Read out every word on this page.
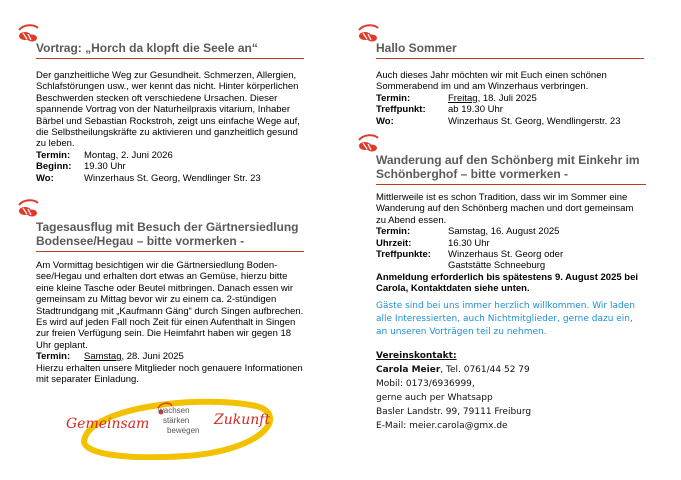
Vortrag: „Horch da klopft die Seele an“
Der ganzheitliche Weg zur Gesundheit. Schmerzen, Allergien, Schlafstörungen usw., wer kennt das nicht. Hinter körperlichen Beschwerden stecken oft verschiedene Ursachen. Dieser spannende Vortrag von der Naturheilpraxis vitarium, Inhaber Bärbel und Sebastian Rockstroh, zeigt uns einfache Wege auf, die Selbstheilungskräfte zu aktivieren und ganzheitlich gesund zu leben.
Termin:	Montag, 2. Juni 2026
Beginn:	19.30 Uhr
Wo:	Winzerhaus St. Georg, Wendlinger Str. 23
Tagesausflug mit Besuch der Gärtnersiedlung
Bodensee/Hegau – bitte vormerken -
Am Vormittag besichtigen wir die Gärtnersiedlung Boden-see/Hegau und erhalten dort etwas an Gemüse, hierzu bitte eine kleine Tasche oder Beutel mitbringen. Danach essen wir gemeinsam zu Mittag bevor wir zu einem ca. 2-stündigen Stadtrundgang mit „Kaufmann Gäng“ durch Singen aufbrechen. Es wird auf jeden Fall noch Zeit für einen Aufenthalt in Singen zur freien Verfügung sein. Die Heimfahrt haben wir gegen 18 Uhr geplant.
Termin:	Samstag, 28. Juni 2025
Hierzu erhalten unsere Mitglieder noch genauere Informationen mit separater Einladung.
Gemeinsam	Zukunft
wachsen
stärken
bewegen
Hallo Sommer
Auch dieses Jahr möchten wir mit Euch einen schönen Sommerabend im und am Winzerhaus verbringen.
Termin:	Freitag, 18. Juli 2025
Treffpunkt:	ab 19.30 Uhr
Wo:	Winzerhaus St. Georg, Wendlingerstr. 23
Wanderung auf den Schönberg mit Einkehr im
Schönberghof – bitte vormerken -
Mittlerweile ist es schon Tradition, dass wir im Sommer eine Wanderung auf den Schönberg machen und dort gemeinsam zu Abend essen.
Termin:	Samstag, 16. August 2025
Uhrzeit:	16.30 Uhr
Treffpunkte:	Winzerhaus St. Georg oder
Gaststätte Schneeburg
Anmeldung erforderlich bis spätestens 9. August 2025 bei Carola, Kontaktdaten siehe unten.
Gäste sind bei uns immer herzlich willkommen. Wir laden alle Interessierten, auch Nichtmitglieder, gerne dazu ein, an unseren Vorträgen teil zu nehmen.
Vereinskontakt:
Carola Meier, Tel. 0761/44 52 79
Mobil: 0173/6936999,
gerne auch per Whatsapp
Basler Landstr. 99, 79111 Freiburg
E-Mail: meier.carola@gmx.de
